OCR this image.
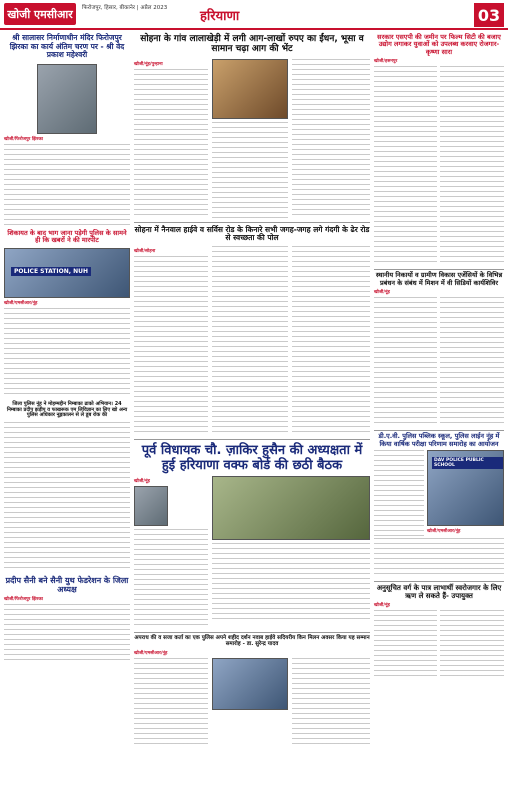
खोजी एमसीआर	फिरोजपुर, हिसार, बीकानेर | अप्रैल 2023
हरियाणा	03
श्री सालासर निर्माणाधीन मंदिर फिरोजपुर झिरका का कार्य अंतिम चरण पर - श्री वेद प्रकाश महेश्वरी
खोजी/फिरोजपुर झिरका
शिकायत के बाद भाग जाना पड़ेगी पुलिस के सामने ही कि खबरों ने की मारपीट
POLICE STATION, NUH
खोजी/एमसीआर/नूंह
जिला पुलिस नूंह ने मोहम्मद्दीन निम्बाका ढाको अभियान। 24 निम्बाका प्रदीप झड़ीप व फाखरूक एम लिविज्ञान का लिए खो अन्य पुलिस अधिकार नूह्लकालन से ले डूब रोक की
प्रदीप सैनी बने सैनी युथ फेडरेशन के जिला अध्यक्ष
खोजी/फिरोजपुर झिरका
सोहना के गांव लालाखेड़ी में लगी आग-लाखों रुपए का ईंधन, भूसा व सामान चढ़ा आग की भेंट
खोजी/नूंह/पुन्हाना
सोहना में नैनवाल हाईवे व सर्विस रोड के किनारे सभी जगह-जगह लगे गंदगी के ढेर रोड से स्वच्छता की पोल
खोजी/सोहना
पूर्व विधायक चौ. ज़ाकिर हुसैन की अध्यक्षता में हुई हरियाणा वक्फ बोर्ड की छठी बैठक
खोजी/नूंह
अपराध की व सजा कर्ता का एक पुलिस अपने शहीद दर्शन नवाब हाईवे सदियरीय किन मिलन अवसर किया यह सम्मान समारोह - डा. सुरेन्द्र यादव
खोजी/एमसीआर/नूंह
सरकार एसएपी की जमीन पर फिल्म सिटी की बजाए उद्योग लगाकर युवाओं को उपलब्ध करवाए रोजगार- कृष्णा सारा
खोजी/हसनपुर
स्थानीय निकायों व ग्रामीण विकास एजेंसियों के विभिन्न प्रबंधन के संबंध में मिशन में वी सिडियों कार्यशिविर
खोजी/नूंह
डी.ए.वी. पुलिस पब्लिक स्कूल, पुलिस लाईन नूंह में किया वार्षिक परीक्षा परिणाम समारोह का आयोजन
DAV POLICE PUBLIC SCHOOL
खोजी/एमसीआर/नूंह
अनुसूचित वर्ग के पात्र लाभार्थी स्वरोजगार के लिए ऋण ले सकते हैं- उपायुक्त
खोजी/नूंह
